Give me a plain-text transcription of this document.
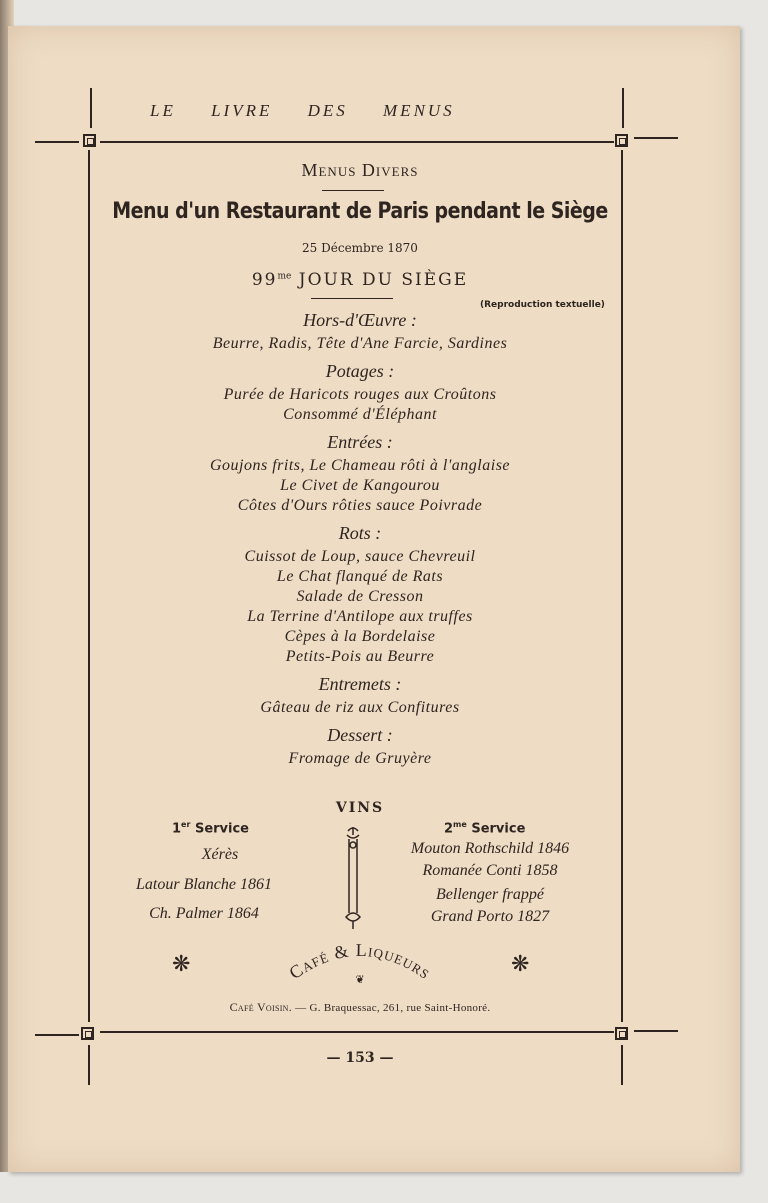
LE LIVRE DES MENUS
Menus Divers
Menu d'un Restaurant de Paris pendant le Siège
25 Décembre 1870
$99^{me}$ JOUR DU SIÈGE
(Reproduction textuelle)
Hors-d'Œuvre :
Beurre, Radis, Tête d'Ane Farcie, Sardines
Potages :
Purée de Haricots rouges aux Croûtons
Consommé d'Éléphant
Entrées :
Goujons frits, Le Chameau rôti à l'anglaise
Le Civet de Kangourou
Côtes d'Ours rôties sauce Poivrade
Rots :
Cuissot de Loup, sauce Chevreuil
Le Chat flanqué de Rats
Salade de Cresson
La Terrine d'Antilope aux truffes
Cèpes à la Bordelaise
Petits-Pois au Beurre
Entremets :
Gâteau de riz aux Confitures
Dessert :
Fromage de Gruyère
VINS
1er Service
Xérès
Latour Blanche 1861
Ch. Palmer 1864
$2^{me}$ Service
Mouton Rothschild 1846
Romanée Conti 1858
Bellenger frappé
Grand Porto 1827
❋	❋
Café & Liqueurs
❦
Café Voisin. — G. Braquessac, 261, rue Saint-Honoré.
— 153 —
